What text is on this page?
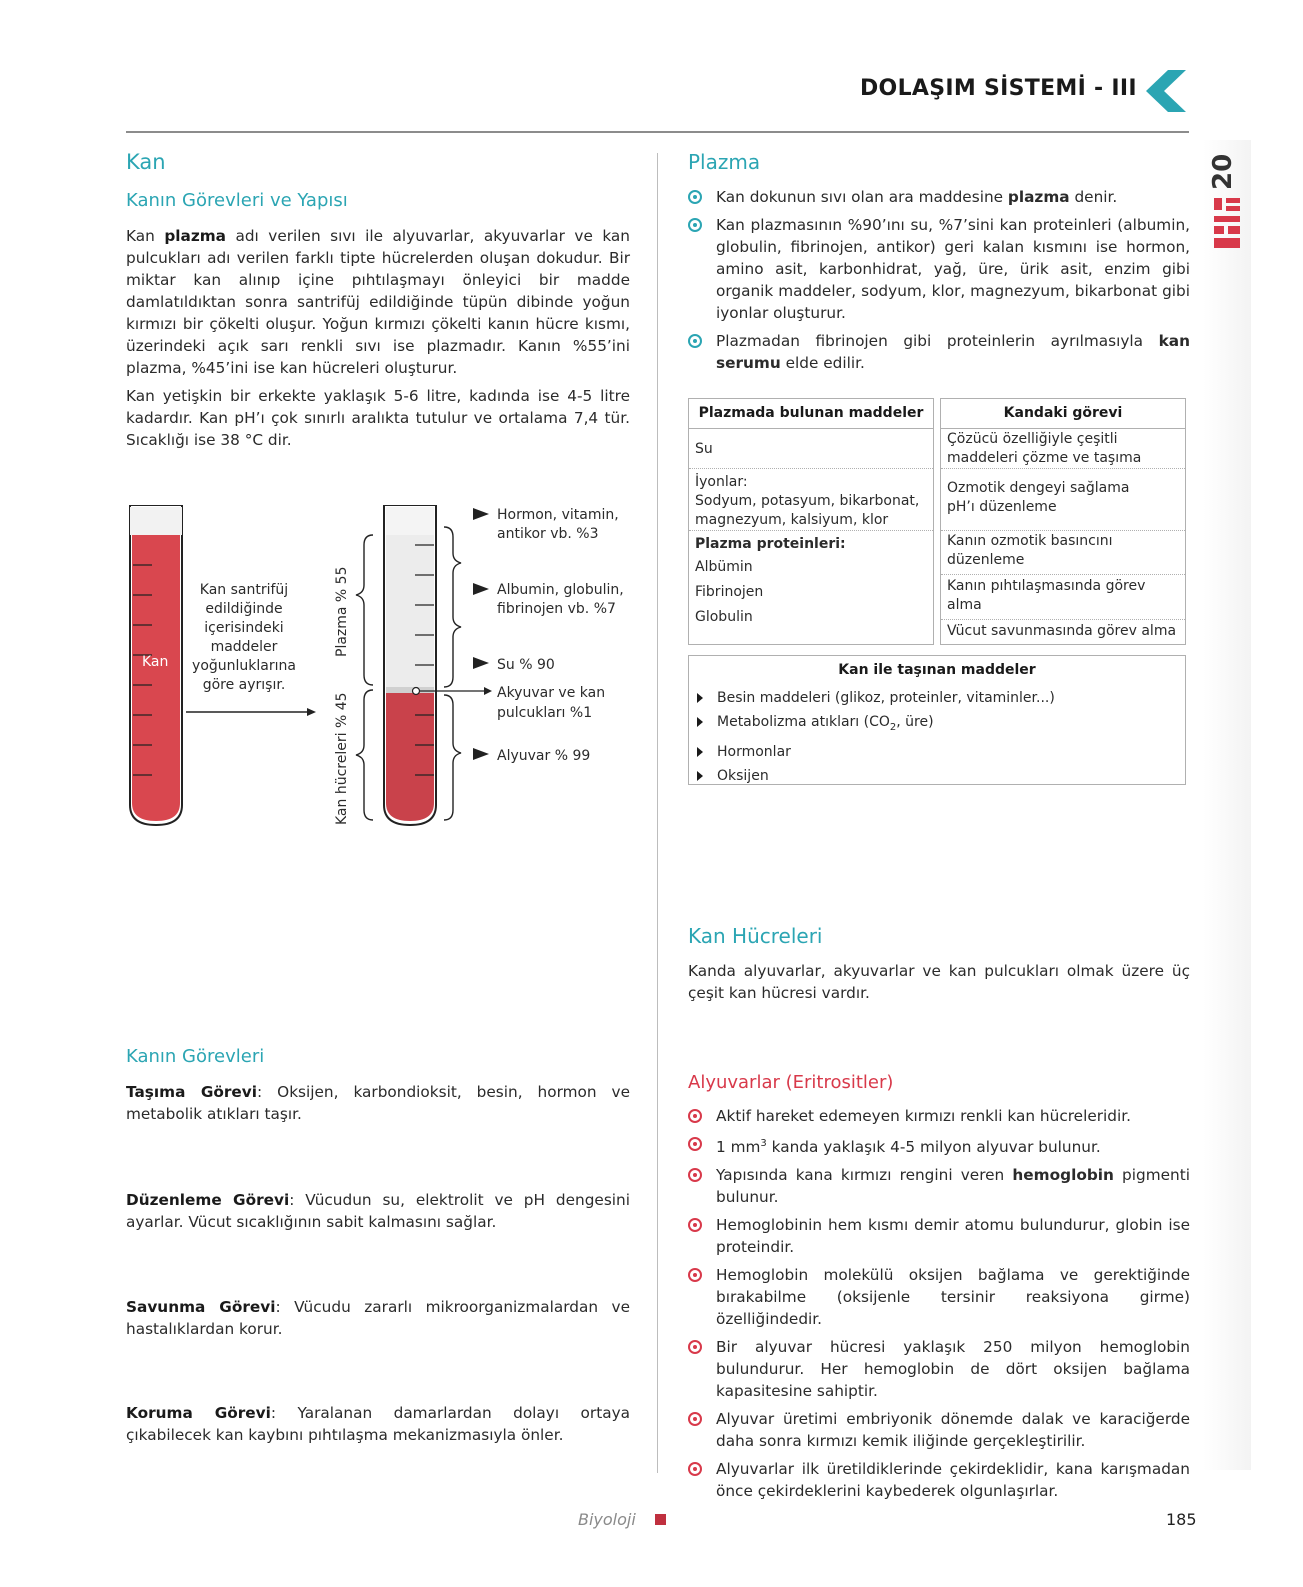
DOLAŞIM SİSTEMİ - III
20
Kan
Kanın Görevleri ve Yapısı
Kan plazma adı verilen sıvı ile alyuvarlar, akyuvarlar ve kan pulcukları adı verilen farklı tipte hücrelerden oluşan dokudur. Bir miktar kan alınıp içine pıhtılaşmayı önleyici bir madde damlatıldıktan sonra santrifüj edildiğinde tüpün dibinde yoğun kırmızı bir çökelti oluşur. Yoğun kırmızı çökelti kanın hücre kısmı, üzerindeki açık sarı renkli sıvı ise plazmadır. Kanın %55’ini plazma, %45’ini ise kan hücreleri oluşturur.
Kan yetişkin bir erkekte yaklaşık 5-6 litre, kadında ise 4-5 litre kadardır. Kan pH’ı çok sınırlı aralıkta tutulur ve ortalama 7,4 tür. Sıcaklığı ise 38 °C dir.
Kan
Kan santrifüj
edildiğinde
içerisindeki
maddeler
yoğunluklarına
göre ayrışır.
Plazma % 55
Kan hücreleri % 45
Hormon, vitamin,
antikor vb. %3
Albumin, globulin,
fibrinojen vb. %7
Su % 90
Akyuvar ve kan
pulcukları %1
Alyuvar % 99
Kanın Görevleri
Taşıma Görevi: Oksijen, karbondioksit, besin, hormon ve metabolik atıkları taşır.
Düzenleme Görevi: Vücudun su, elektrolit ve pH dengesini ayarlar. Vücut sıcaklığının sabit kalmasını sağlar.
Savunma Görevi: Vücudu zararlı mikroorganizmalardan ve hastalıklardan korur.
Koruma Görevi: Yaralanan damarlardan dolayı ortaya çıkabilecek kan kaybını pıhtılaşma mekanizmasıyla önler.
Plazma
Kan dokunun sıvı olan ara maddesine plazma denir.
Kan plazmasının %90’ını su, %7’sini kan proteinleri (albumin, globulin, fibrinojen, antikor) geri kalan kısmını ise hormon, amino asit, karbonhidrat, yağ, üre, ürik asit, enzim gibi organik maddeler, sodyum, klor, magnezyum, bikarbonat gibi iyonlar oluşturur.
Plazmadan fibrinojen gibi proteinlerin ayrılmasıyla kan serumu elde edilir.
Plazmada bulunan maddeler
Su
İyonlar:
Sodyum, potasyum, bikarbonat, magnezyum, kalsiyum, klor
Plazma proteinleri:
Albümin
Fibrinojen
Globulin
Kandaki görevi
Çözücü özelliğiyle çeşitli maddeleri çözme ve taşıma
Ozmotik dengeyi sağlama
pH’ı düzenleme
Kanın ozmotik basıncını düzenleme
Kanın pıhtılaşmasında görev alma
Vücut savunmasında görev alma
Kan ile taşınan maddeler
Besin maddeleri (glikoz, proteinler, vitaminler...)
Metabolizma atıkları ($CO_2$, üre)
Hormonlar
Oksijen
Kan Hücreleri
Kanda alyuvarlar, akyuvarlar ve kan pulcukları olmak üzere üç çeşit kan hücresi vardır.
Alyuvarlar (Eritrositler)
Aktif hareket edemeyen kırmızı renkli kan hücreleridir.
1 $mm^3$ kanda yaklaşık 4-5 milyon alyuvar bulunur.
Yapısında kana kırmızı rengini veren hemoglobin pigmenti bulunur.
Hemoglobinin hem kısmı demir atomu bulundurur, globin ise proteindir.
Hemoglobin molekülü oksijen bağlama ve gerektiğinde bırakabilme (oksijenle tersinir reaksiyona girme) özelliğindedir.
Bir alyuvar hücresi yaklaşık 250 milyon hemoglobin bulundurur. Her hemoglobin de dört oksijen bağlama kapasitesine sahiptir.
Alyuvar üretimi embriyonik dönemde dalak ve karaciğerde daha sonra kırmızı kemik iliğinde gerçekleştirilir.
Alyuvarlar ilk üretildiklerinde çekirdeklidir, kana karışmadan önce çekirdeklerini kaybederek olgunlaşırlar.
Biyoloji	185
